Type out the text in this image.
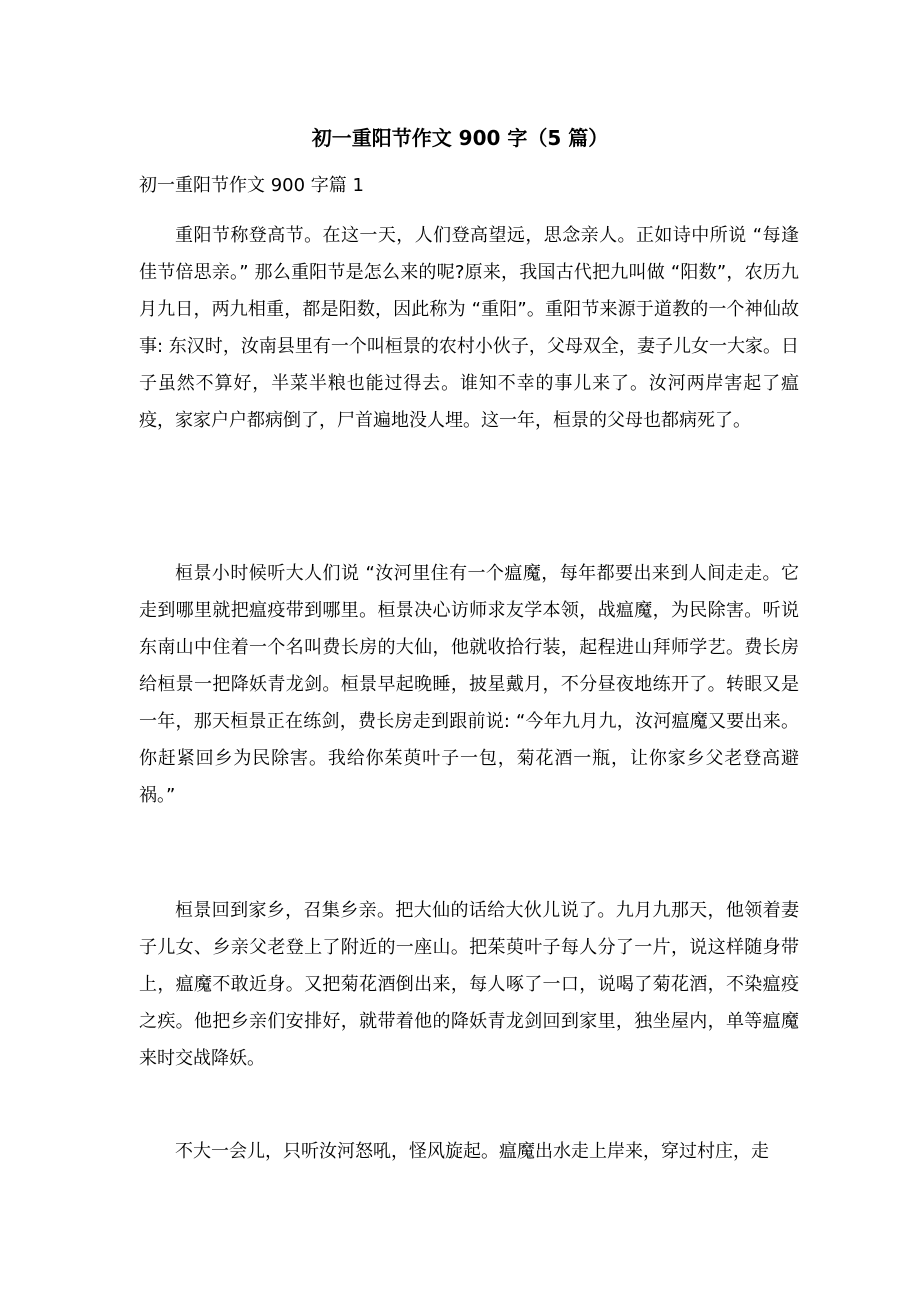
初一重阳节作文 900 字（5 篇）

初一重阳节作文 900 字篇 1

重阳节称登高节。在这一天，人们登高望远，思念亲人。正如诗中所说 “每逢佳节倍思亲。” 那么重阳节是怎么来的呢?原来，我国古代把九叫做 “阳数”，农历九月九日，两九相重，都是阳数，因此称为 “重阳”。重阳节来源于道教的一个神仙故事: 东汉时，汝南县里有一个叫桓景的农村小伙子，父母双全，妻子儿女一大家。日子虽然不算好，半菜半粮也能过得去。谁知不幸的事儿来了。汝河两岸害起了瘟疫，家家户户都病倒了，尸首遍地没人埋。这一年，桓景的父母也都病死了。

桓景小时候听大人们说 “汝河里住有一个瘟魔，每年都要出来到人间走走。它走到哪里就把瘟疫带到哪里。桓景决心访师求友学本领，战瘟魔，为民除害。听说东南山中住着一个名叫费长房的大仙，他就收拾行装，起程进山拜师学艺。费长房给桓景一把降妖青龙剑。桓景早起晚睡，披星戴月，不分昼夜地练开了。转眼又是一年，那天桓景正在练剑，费长房走到跟前说: “今年九月九，汝河瘟魔又要出来。你赶紧回乡为民除害。我给你茱萸叶子一包，菊花酒一瓶，让你家乡父老登高避祸。”

桓景回到家乡，召集乡亲。把大仙的话给大伙儿说了。九月九那天，他领着妻子儿女、乡亲父老登上了附近的一座山。把茱萸叶子每人分了一片，说这样随身带上，瘟魔不敢近身。又把菊花酒倒出来，每人啄了一口，说喝了菊花酒，不染瘟疫之疾。他把乡亲们安排好，就带着他的降妖青龙剑回到家里，独坐屋内，单等瘟魔来时交战降妖。

不大一会儿，只听汝河怒吼，怪风旋起。瘟魔出水走上岸来，穿过村庄，走
